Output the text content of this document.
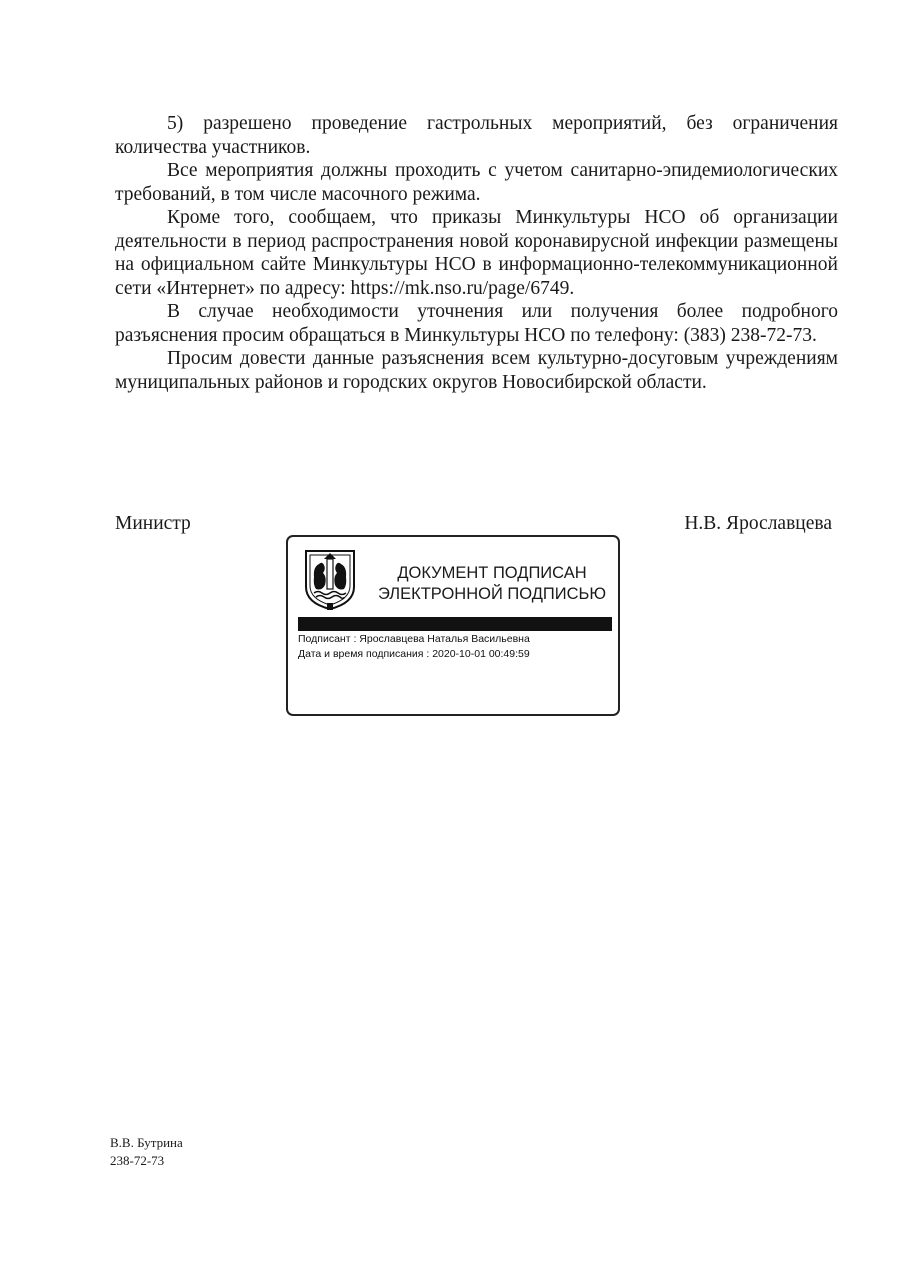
5) разрешено проведение гастрольных мероприятий, без ограничения количества участников.

Все мероприятия должны проходить с учетом санитарно-эпидемиологических требований, в том числе масочного режима.

Кроме того, сообщаем, что приказы Минкультуры НСО об организации деятельности в период распространения новой коронавирусной инфекции размещены на официальном сайте Минкультуры НСО в информационно-телекоммуникационной сети «Интернет» по адресу: https://mk.nso.ru/page/6749.

В случае необходимости уточнения или получения более подробного разъяснения просим обращаться в Минкультуры НСО по телефону: (383) 238-72-73.

Просим довести данные разъяснения всем культурно-досуговым учреждениям муниципальных районов и городских округов Новосибирской области.

Министр	Н.В. Ярославцева
ДОКУМЕНТ ПОДПИСАН
ЭЛЕКТРОННОЙ ПОДПИСЬЮ
Подписант : Ярославцева Наталья Васильевна
Дата и время подписания : 2020-10-01 00:49:59
В.В. Бутрина
238-72-73
